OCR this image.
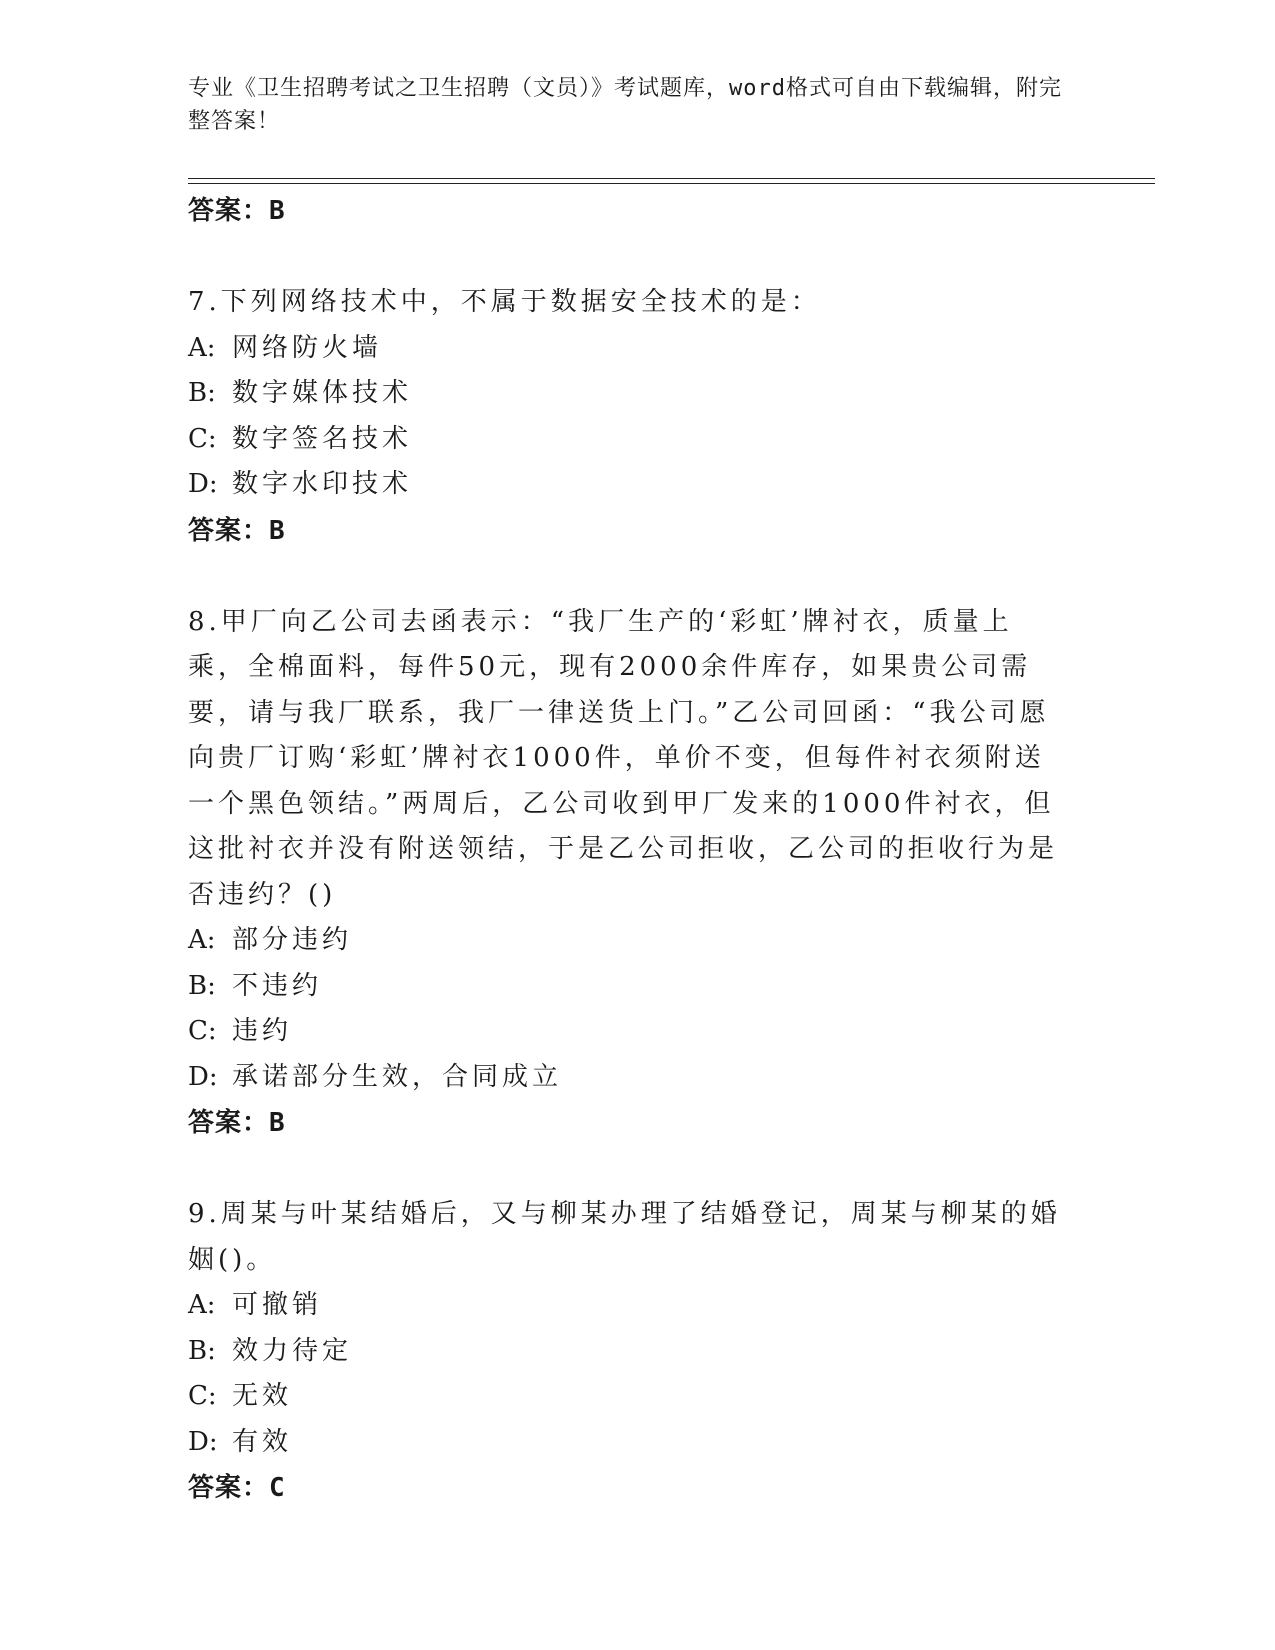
专业《卫生招聘考试之卫生招聘（文员）》考试题库，word格式可自由下载编辑，附完整答案！
答案：B
7.下列网络技术中，不属于数据安全技术的是：
A: 网络防火墙
B: 数字媒体技术
C: 数字签名技术
D: 数字水印技术
答案：B
8.甲厂向乙公司去函表示：“我厂生产的‘彩虹’牌衬衣，质量上乘，全棉面料，每件50元，现有2000余件库存，如果贵公司需要，请与我厂联系，我厂一律送货上门。”乙公司回函：“我公司愿向贵厂订购‘彩虹’牌衬衣1000件，单价不变，但每件衬衣须附送一个黑色领结。”两周后，乙公司收到甲厂发来的1000件衬衣，但这批衬衣并没有附送领结，于是乙公司拒收，乙公司的拒收行为是否违约？()
A: 部分违约
B: 不违约
C: 违约
D: 承诺部分生效，合同成立
答案：B
9.周某与叶某结婚后，又与柳某办理了结婚登记，周某与柳某的婚姻()。
A: 可撤销
B: 效力待定
C: 无效
D: 有效
答案：C
